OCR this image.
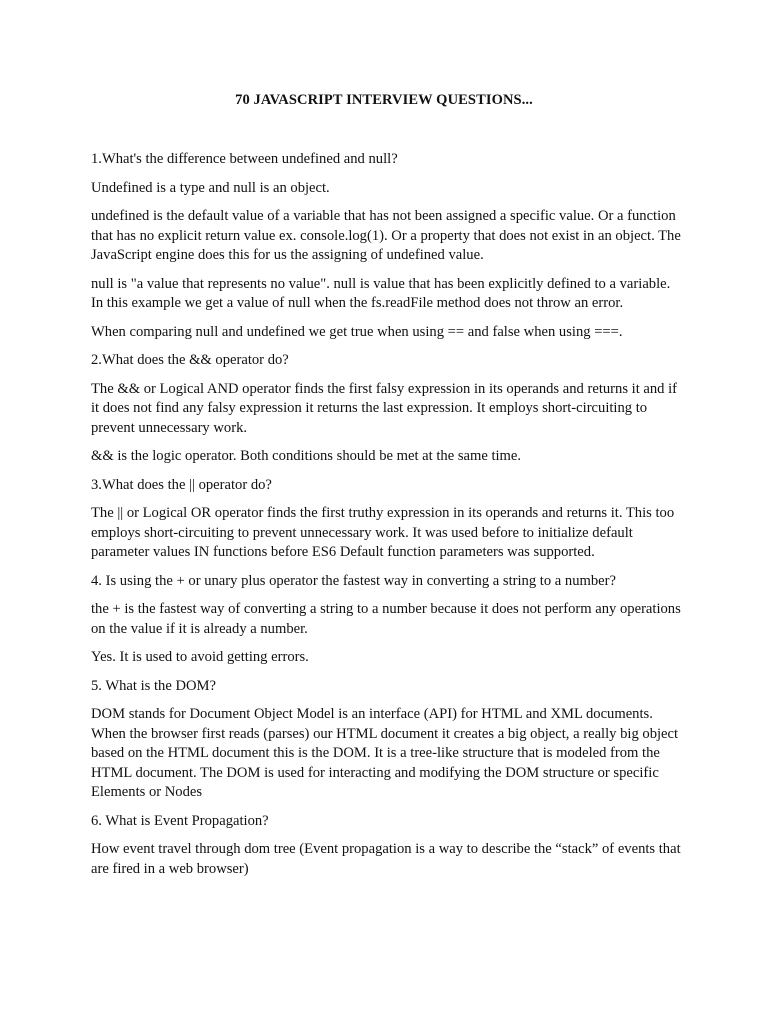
70 JAVASCRIPT INTERVIEW QUESTIONS...

1.What's the difference between undefined and null?

Undefined is a type and null is an object.

undefined is the default value of a variable that has not been assigned a specific value. Or a function that has no explicit return value ex. console.log(1). Or a property that does not exist in an object. The JavaScript engine does this for us the assigning of undefined value.

null is "a value that represents no value". null is value that has been explicitly defined to a variable. In this example we get a value of null when the fs.readFile method does not throw an error.

When comparing null and undefined we get true when using == and false when using ===.

2.What does the && operator do?

The && or Logical AND operator finds the first falsy expression in its operands and returns it and if it does not find any falsy expression it returns the last expression. It employs short-circuiting to prevent unnecessary work.

&& is the logic operator. Both conditions should be met at the same time.

3.What does the || operator do?

The || or Logical OR operator finds the first truthy expression in its operands and returns it. This too employs short-circuiting to prevent unnecessary work. It was used before to initialize default parameter values IN functions before ES6 Default function parameters was supported.

4. Is using the + or unary plus operator the fastest way in converting a string to a number?

the + is the fastest way of converting a string to a number because it does not perform any operations on the value if it is already a number.

Yes. It is used to avoid getting errors.

5. What is the DOM?

DOM stands for Document Object Model is an interface (API) for HTML and XML documents. When the browser first reads (parses) our HTML document it creates a big object, a really big object based on the HTML document this is the DOM. It is a tree-like structure that is modeled from the HTML document. The DOM is used for interacting and modifying the DOM structure or specific Elements or Nodes

6. What is Event Propagation?

How event travel through dom tree (Event propagation is a way to describe the “stack” of events that are fired in a web browser)
